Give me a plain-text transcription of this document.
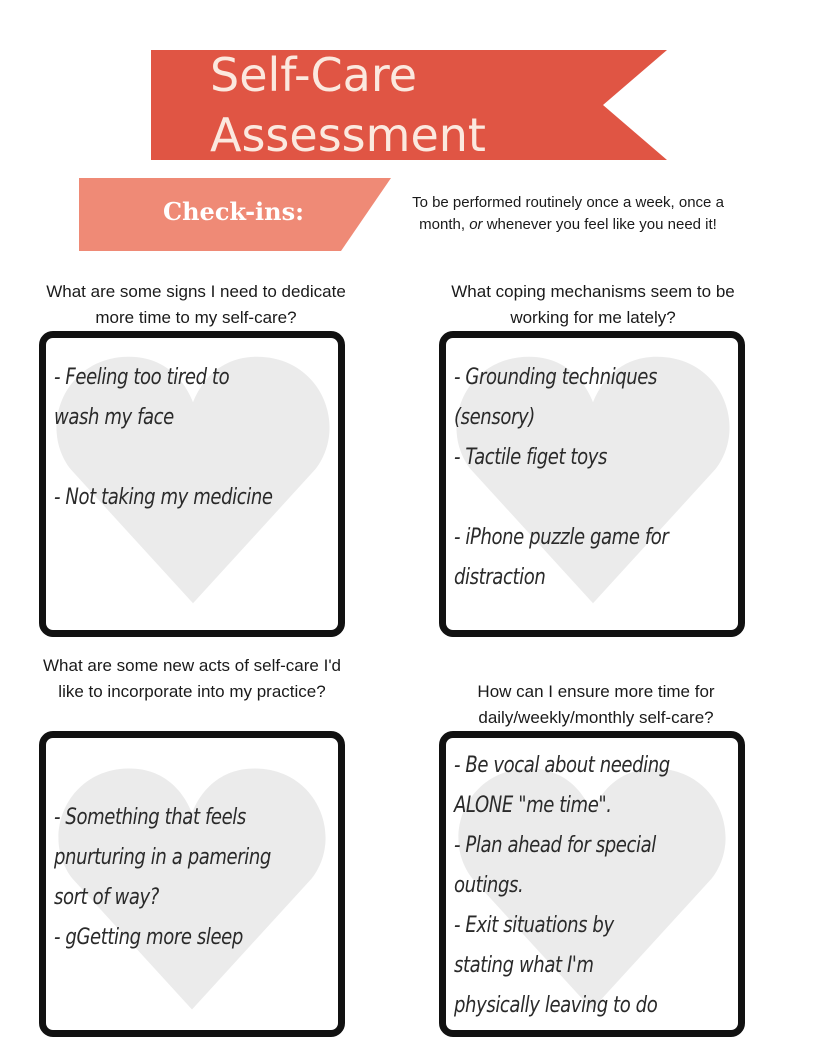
Self-Care
Assessment
Check-ins:	To be performed routinely once a week, once a month, or whenever you feel like you need it!

What are some signs I need to dedicate more time to my self-care?

What coping mechanisms seem to be working for me lately?

What are some new acts of self-care I'd like to incorporate into my practice?	How can I ensure more time for daily/weekly/monthly self-care?

- Feeling too tired to
wash my face
- Not taking my medicine
- Grounding techniques
(sensory)
- Tactile figet toys
- iPhone puzzle game for
distraction
- Something that feels
pnurturing in a pamering
sort of way?
- gGetting more sleep
- Be vocal about needing
ALONE "me time".
- Plan ahead for special
outings.
- Exit situations by
stating what I'm
physically leaving to do
